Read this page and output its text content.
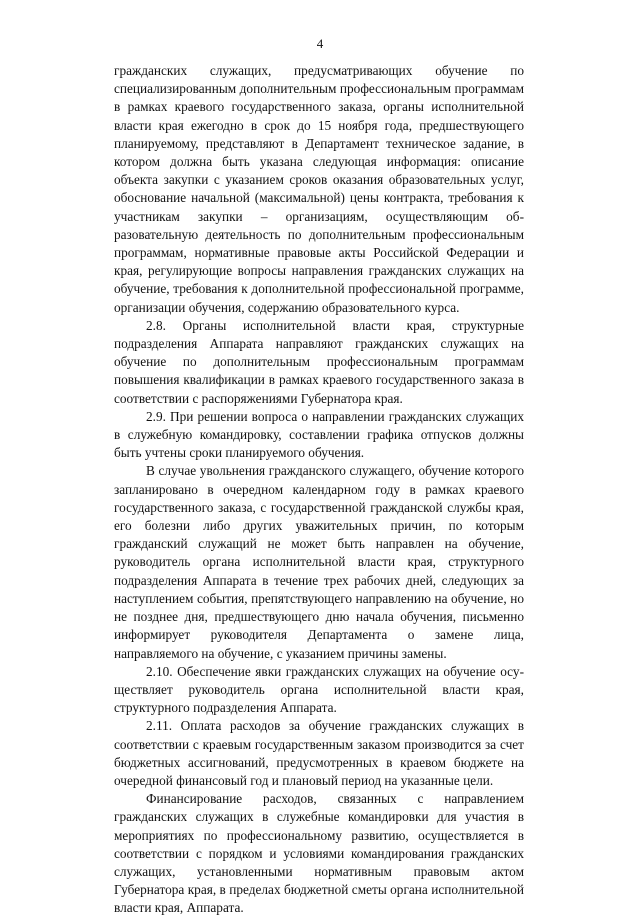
4

гражданских служащих, предусматривающих обучение по специализированным дополнительным профессиональным программам в рамках краевого государственного заказа, органы исполнительной власти края ежегодно в срок до 15 ноября года, предшествующего планируемому, представляют в Департамент техническое задание, в котором должна быть указана следующая информация: описание объекта закупки с указанием сроков оказания образовательных услуг, обоснование начальной (максимальной) цены контракта, требования к участникам закупки – организациям, осуществляющим образовательную деятельность по дополнительным профессиональным программам, нормативные правовые акты Российской Федерации и края, регулирующие вопросы направления гражданских служащих на обучение, требования к дополнительной профессиональной программе, организации обучения, содержанию образовательного курса.

2.8. Органы исполнительной власти края, структурные подразделения Аппарата направляют гражданских служащих на обучение по дополнительным профессиональным программам повышения квалификации в рамках краевого государственного заказа в соответствии с распоряжениями Губернатора края.

2.9. При решении вопроса о направлении гражданских служащих в служебную командировку, составлении графика отпусков должны быть учтены сроки планируемого обучения.

В случае увольнения гражданского служащего, обучение которого запланировано в очередном календарном году в рамках краевого государственного заказа, с государственной гражданской службы края, его болезни либо других уважительных причин, по которым гражданский служащий не может быть направлен на обучение, руководитель органа исполнительной власти края, структурного подразделения Аппарата в течение трех рабочих дней, следующих за наступлением события, препятствующего направлению на обучение, но не позднее дня, предшествующего дню начала обучения, письменно информирует руководителя Департамента о замене лица, направляемого на обучение, с указанием причины замены.

2.10. Обеспечение явки гражданских служащих на обучение осуществляет руководитель органа исполнительной власти края, структурного подразделения Аппарата.

2.11. Оплата расходов за обучение гражданских служащих в соответствии с краевым государственным заказом производится за счет бюджетных ассигнований, предусмотренных в краевом бюджете на очередной финансовый год и плановый период на указанные цели.

Финансирование расходов, связанных с направлением гражданских служащих в служебные командировки для участия в мероприятиях по профессиональному развитию, осуществляется в соответствии с порядком и условиями командирования гражданских служащих, установленными нормативным правовым актом Губернатора края, в пределах бюджетной сметы органа исполнительной власти края, Аппарата.
